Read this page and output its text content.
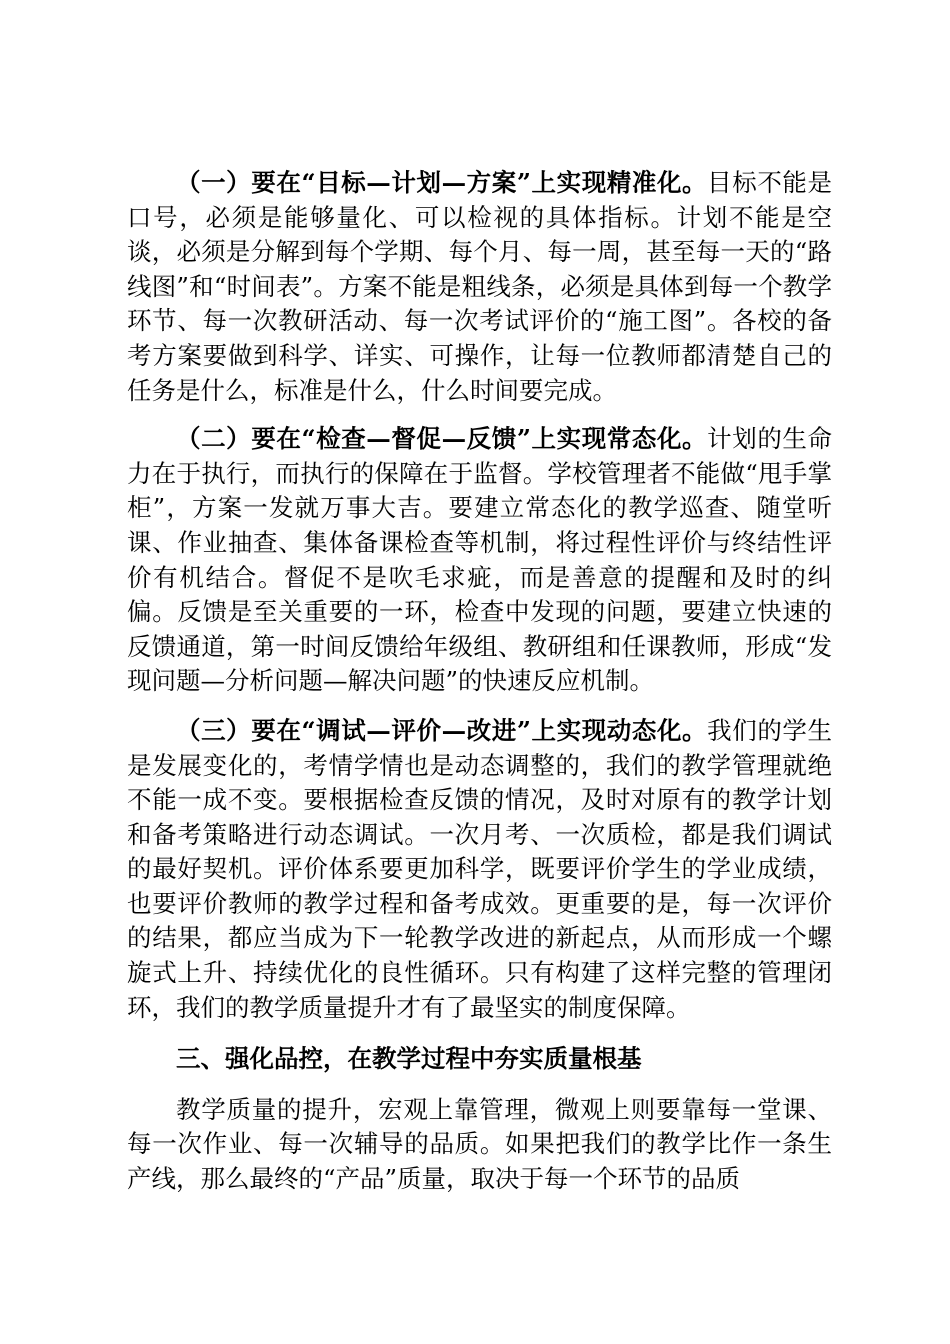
（一）要在“目标—计划—方案”上实现精准化。目标不能是口号，必须是能够量化、可以检视的具体指标。计划不能是空谈，必须是分解到每个学期、每个月、每一周，甚至每一天的“路线图”和“时间表”。方案不能是粗线条，必须是具体到每一个教学环节、每一次教研活动、每一次考试评价的“施工图”。各校的备考方案要做到科学、详实、可操作，让每一位教师都清楚自己的任务是什么，标准是什么，什么时间要完成。

（二）要在“检查—督促—反馈”上实现常态化。计划的生命力在于执行，而执行的保障在于监督。学校管理者不能做“甩手掌柜”，方案一发就万事大吉。要建立常态化的教学巡查、随堂听课、作业抽查、集体备课检查等机制，将过程性评价与终结性评价有机结合。督促不是吹毛求疵，而是善意的提醒和及时的纠偏。反馈是至关重要的一环，检查中发现的问题，要建立快速的反馈通道，第一时间反馈给年级组、教研组和任课教师，形成“发现问题—分析问题—解决问题”的快速反应机制。

（三）要在“调试—评价—改进”上实现动态化。我们的学生是发展变化的，考情学情也是动态调整的，我们的教学管理就绝不能一成不变。要根据检查反馈的情况，及时对原有的教学计划和备考策略进行动态调试。一次月考、一次质检，都是我们调试的最好契机。评价体系要更加科学，既要评价学生的学业成绩，也要评价教师的教学过程和备考成效。更重要的是，每一次评价的结果，都应当成为下一轮教学改进的新起点，从而形成一个螺旋式上升、持续优化的良性循环。只有构建了这样完整的管理闭环，我们的教学质量提升才有了最坚实的制度保障。

三、强化品控，在教学过程中夯实质量根基

教学质量的提升，宏观上靠管理，微观上则要靠每一堂课、每一次作业、每一次辅导的品质。如果把我们的教学比作一条生产线，那么最终的“产品”质量，取决于每一个环节的品质
